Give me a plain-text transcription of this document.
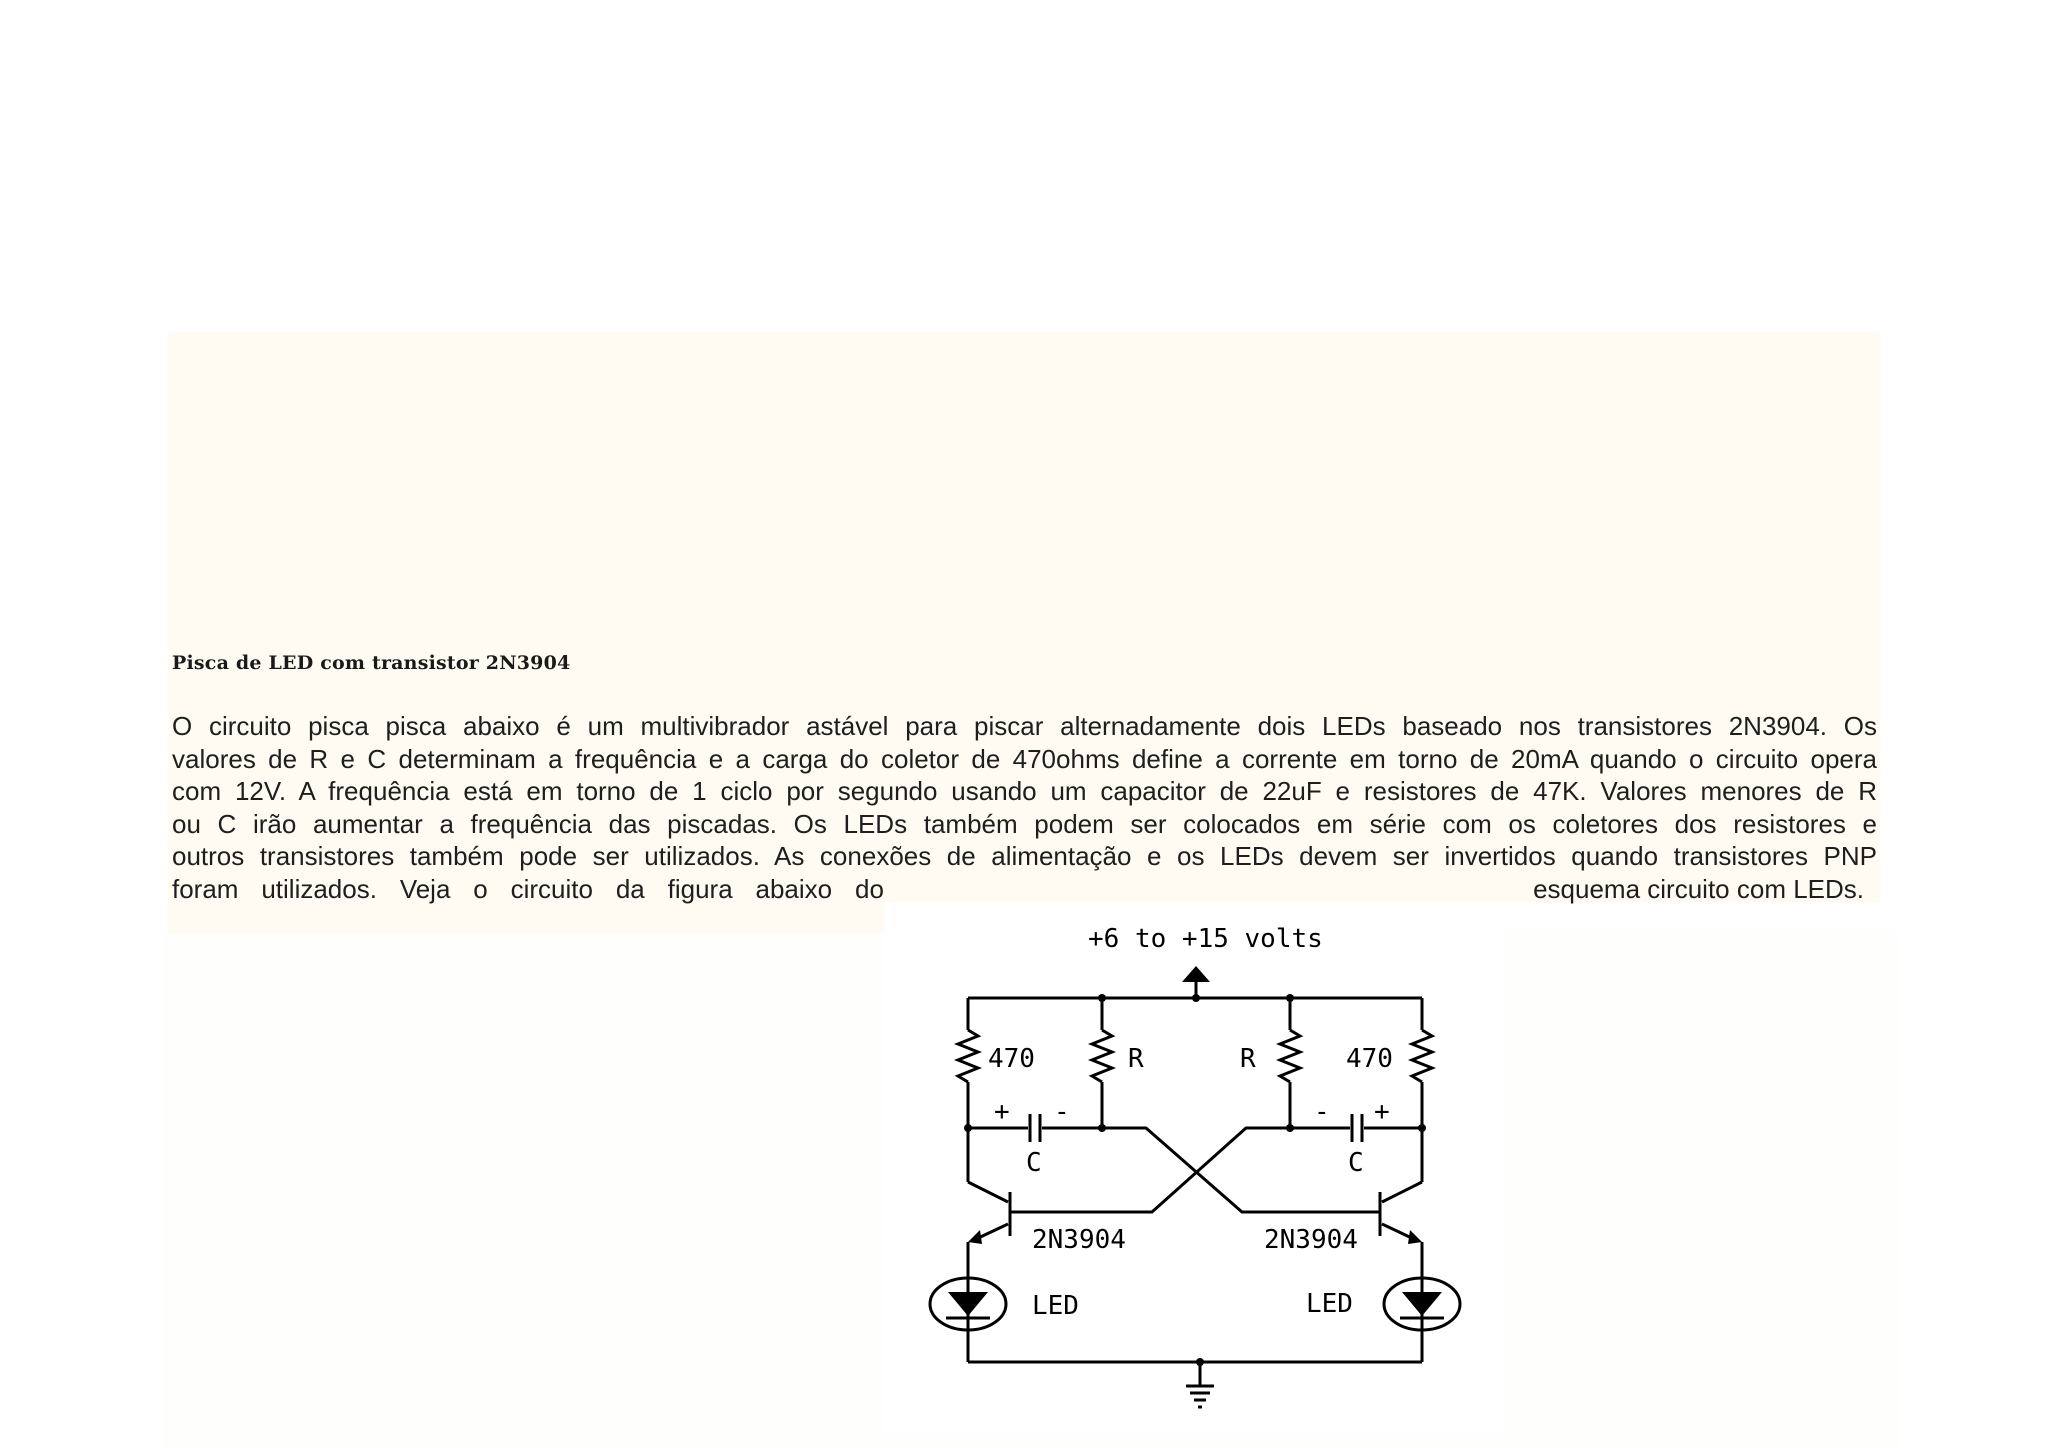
Pisca de LED com transistor 2N3904
O circuito pisca pisca abaixo é um multivibrador astável para piscar alternadamente dois LEDs baseado nos transistores 2N3904. Os
valores de R e C determinam a frequência e a carga do coletor de 470ohms define a corrente em torno de 20mA quando o circuito opera
com 12V. A frequência está em torno de 1 ciclo por segundo usando um capacitor de 22uF e resistores de 47K. Valores menores de R
ou C irão aumentar a frequência das piscadas. Os LEDs também podem ser colocados em série com os coletores dos resistores e
outros transistores também pode ser utilizados. As conexões de alimentação e os LEDs devem ser invertidos quando transistores PNP
foram utilizados. Veja o circuito da figura abaixo do	esquema circuito com LEDs.
+6 to +15 volts
470	R	R	470
+ -
C
- +
C
2N3904	2N3904
LED	LED
